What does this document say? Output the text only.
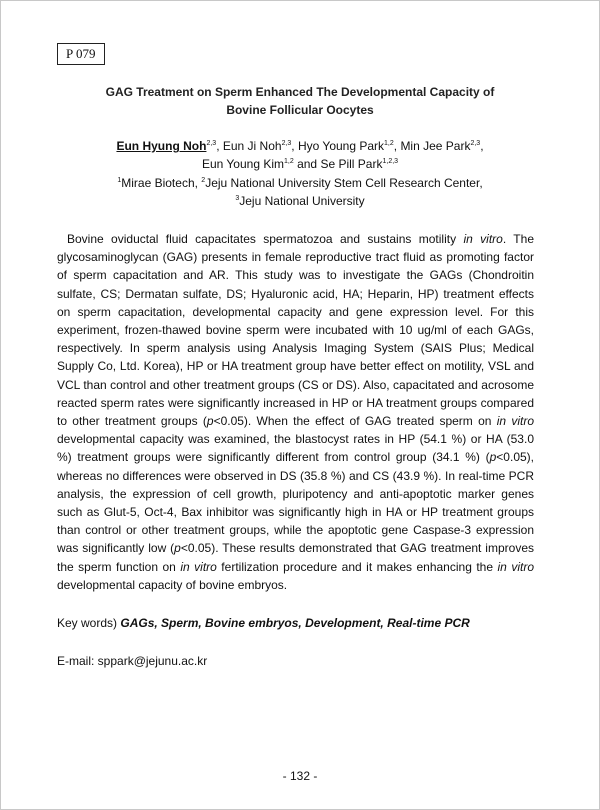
P 079
GAG Treatment on Sperm Enhanced The Developmental Capacity of
Bovine Follicular Oocytes
Eun Hyung Noh$^{2,3}$, Eun Ji Noh$^{2,3}$, Hyo Young Park$^{1,2}$, Min Jee Park$^{2,3}$,
Eun Young Kim$^{1,2}$ and Se Pill Park$^{1,2,3}$
$^1$Mirae Biotech, $^2$Jeju National University Stem Cell Research Center,
$^3$Jeju National University

Bovine oviductal fluid capacitates spermatozoa and sustains motility in vitro. The glycosaminoglycan (GAG) presents in female reproductive tract fluid as promoting factor of sperm capacitation and AR. This study was to investigate the GAGs (Chondroitin sulfate, CS; Dermatan sulfate, DS; Hyaluronic acid, HA; Heparin, HP) treatment effects on sperm capacitation, developmental capacity and gene expression level. For this experiment, frozen-thawed bovine sperm were incubated with 10 ug/ml of each GAGs, respectively. In sperm analysis using Analysis Imaging System (SAIS Plus; Medical Supply Co, Ltd. Korea), HP or HA treatment group have better effect on motility, VSL and VCL than control and other treatment groups (CS or DS). Also, capacitated and acrosome reacted sperm rates were significantly increased in HP or HA treatment groups compared to other treatment groups (p<0.05). When the effect of GAG treated sperm on in vitro developmental capacity was examined, the blastocyst rates in HP (54.1 %) or HA (53.0 %) treatment groups were significantly different from control group (34.1 %) (p<0.05), whereas no differences were observed in DS (35.8 %) and CS (43.9 %). In real-time PCR analysis, the expression of cell growth, pluripotency and anti-apoptotic marker genes such as Glut-5, Oct-4, Bax inhibitor was significantly high in HA or HP treatment groups than control or other treatment groups, while the apoptotic gene Caspase-3 expression was significantly low (p<0.05). These results demonstrated that GAG treatment improves the sperm function on in vitro fertilization procedure and it makes enhancing the in vitro developmental capacity of bovine embryos.

Key words) GAGs, Sperm, Bovine embryos, Development, Real-time PCR
E-mail: sppark@jejunu.ac.kr
- 132 -
